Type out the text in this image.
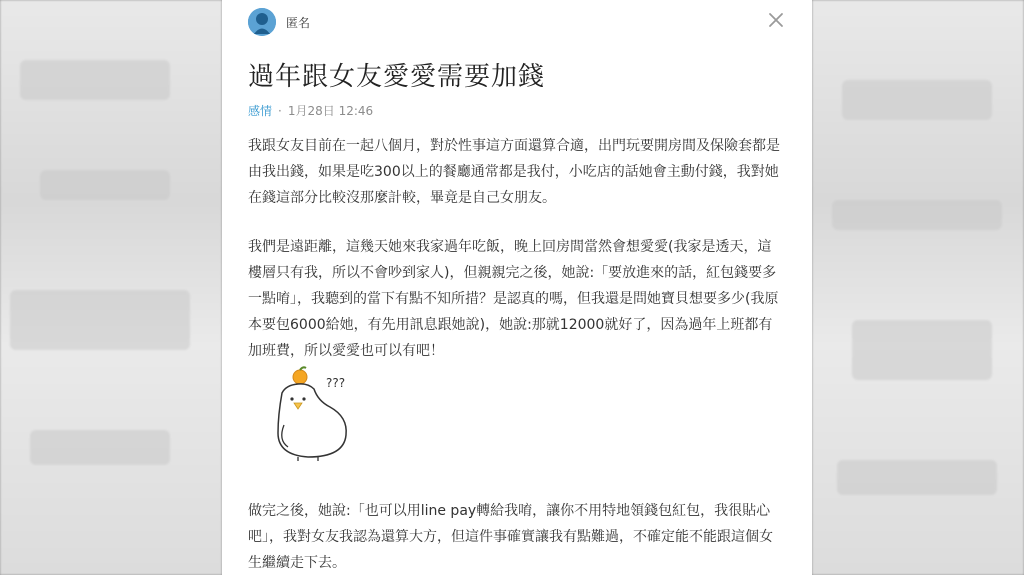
匿名
過年跟女友愛愛需要加錢
感情 · 1月28日 12:46

我跟女友目前在一起八個月，對於性事這方面還算合適，出門玩要開房間及保險套都是由我出錢，如果是吃300以上的餐廳通常都是我付，小吃店的話她會主動付錢，我對她在錢這部分比較沒那麼計較，畢竟是自己女朋友。

我們是遠距離，這幾天她來我家過年吃飯，晚上回房間當然會想愛愛(我家是透天，這樓層只有我，所以不會吵到家人)，但親親完之後，她說:「要放進來的話，紅包錢要多一點唷」，我聽到的當下有點不知所措？是認真的嗎，但我還是問她寶貝想要多少(我原本要包6000給她，有先用訊息跟她說)，她說:那就12000就好了，因為過年上班都有加班費，所以愛愛也可以有吧！

???

做完之後，她說:「也可以用line pay轉給我唷，讓你不用特地領錢包紅包，我很貼心吧」，我對女友我認為還算大方，但這件事確實讓我有點難過，不確定能不能跟這個女生繼續走下去。
